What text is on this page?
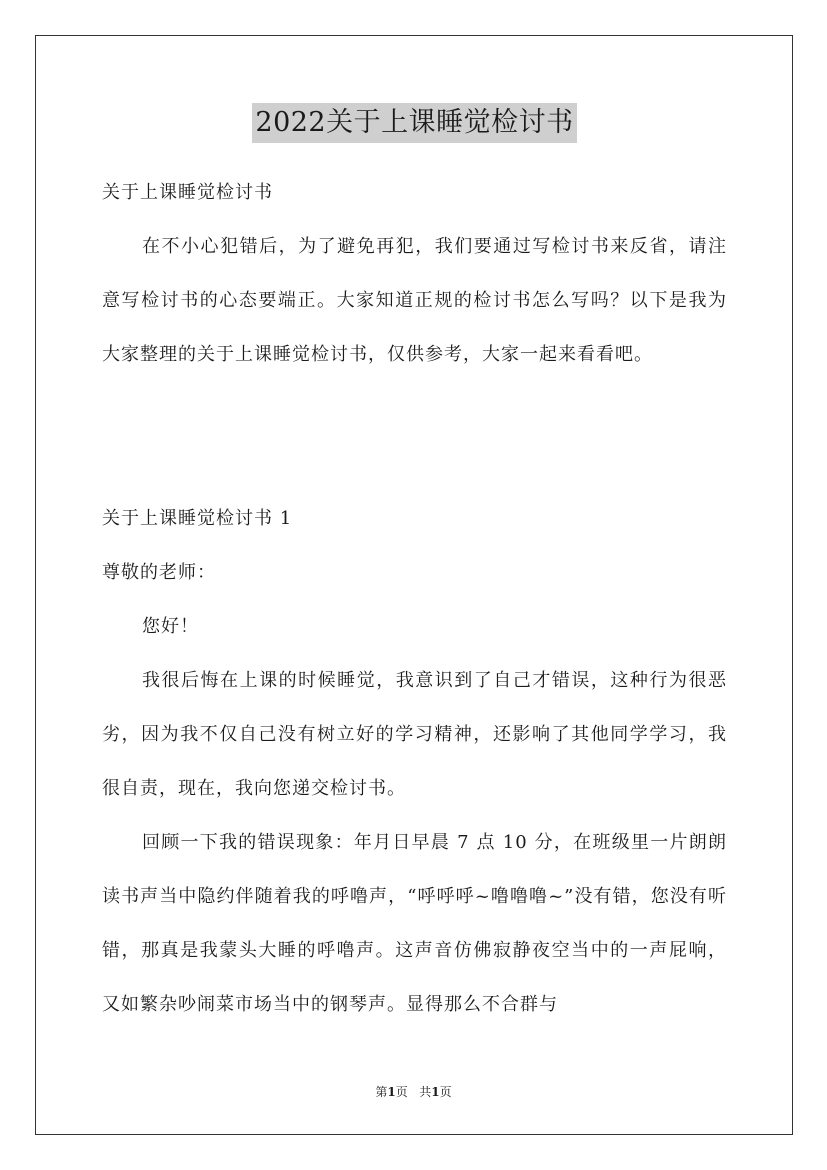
2022关于上课睡觉检讨书
关于上课睡觉检讨书
在不小心犯错后，为了避免再犯，我们要通过写检讨书来反省，请注意写检讨书的心态要端正。大家知道正规的检讨书怎么写吗？以下是我为大家整理的关于上课睡觉检讨书，仅供参考，大家一起来看看吧。
关于上课睡觉检讨书 1
尊敬的老师：
您好！
我很后悔在上课的时候睡觉，我意识到了自己才错误，这种行为很恶劣，因为我不仅自己没有树立好的学习精神，还影响了其他同学学习，我很自责，现在，我向您递交检讨书。
回顾一下我的错误现象：年月日早晨 7 点 10 分，在班级里一片朗朗读书声当中隐约伴随着我的呼噜声，“呼呼呼~噜噜噜~”没有错，您没有听错，那真是我蒙头大睡的呼噜声。这声音仿佛寂静夜空当中的一声屁响，又如繁杂吵闹菜市场当中的钢琴声。显得那么不合群与
第1页 共1页
